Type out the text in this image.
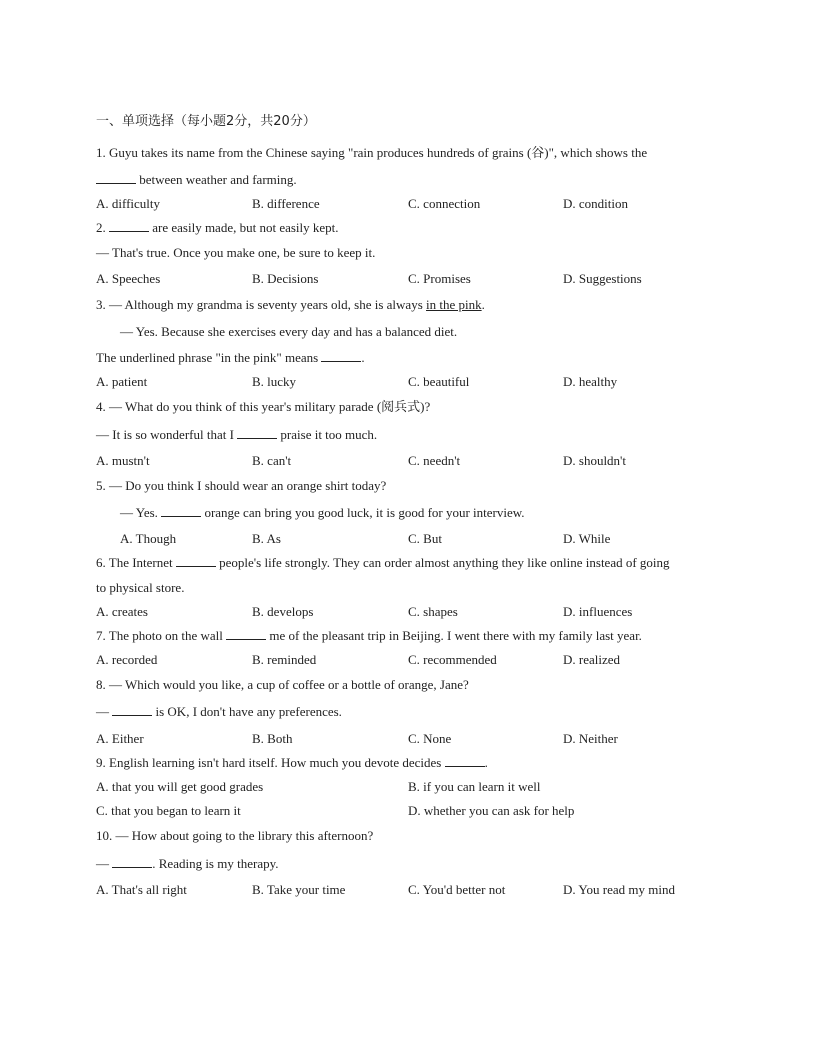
一、单项选择（每小题2分，共20分）
1. Guyu takes its name from the Chinese saying "rain produces hundreds of grains (谷)", which shows the
between weather and farming.
A. difficulty	B. difference	C. connection	D. condition
2.	are easily made, but not easily kept.
— That's true. Once you make one, be sure to keep it.
A. Speeches	B. Decisions	C. Promises	D. Suggestions
3. — Although my grandma is seventy years old, she is always in the pink.
— Yes. Because she exercises every day and has a balanced diet.
The underlined phrase "in the pink" means	.
A. patient	B. lucky	C. beautiful	D. healthy
4. — What do you think of this year's military parade (阅兵式)?
— It is so wonderful that I	praise it too much.
A. mustn't	B. can't	C. needn't	D. shouldn't
5. — Do you think I should wear an orange shirt today?
— Yes.	orange can bring you good luck, it is good for your interview.
A. Though	B. As	C. But	D. While
6. The Internet	people's life strongly. They can order almost anything they like online instead of going
to physical store.
A. creates	B. develops	C. shapes	D. influences
7. The photo on the wall	me of the pleasant trip in Beijing. I went there with my family last year.
A. recorded	B. reminded	C. recommended	D. realized
8. — Which would you like, a cup of coffee or a bottle of orange, Jane?
—	is OK, I don't have any preferences.
A. Either	B. Both	C. None	D. Neither
9. English learning isn't hard itself. How much you devote decides	.
A. that you will get good grades	B. if you can learn it well
C. that you began to learn it	D. whether you can ask for help
10. — How about going to the library this afternoon?
—	. Reading is my therapy.
A. That's all right	B. Take your time	C. You'd better not	D. You read my mind
